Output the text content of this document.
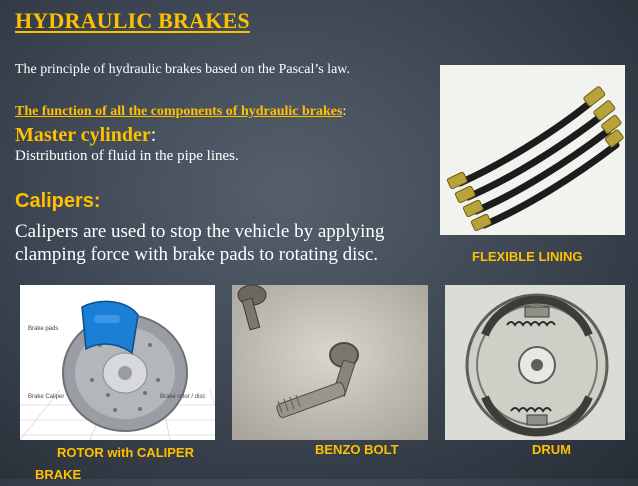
HYDRAULIC BRAKES
The principle of hydraulic brakes based on the Pascal’s law.
The function of all the components of hydraulic brakes:
Master cylinder:
Distribution of fluid in the pipe lines.
Calipers:
Calipers are used to stop the vehicle by applying clamping force with brake pads to rotating disc.	FLEXIBLE LINING
Brake pads
Brake Caliper	Brake rotor / disc
ROTOR with CALIPER
BRAKE
BENZO BOLT	DRUM
